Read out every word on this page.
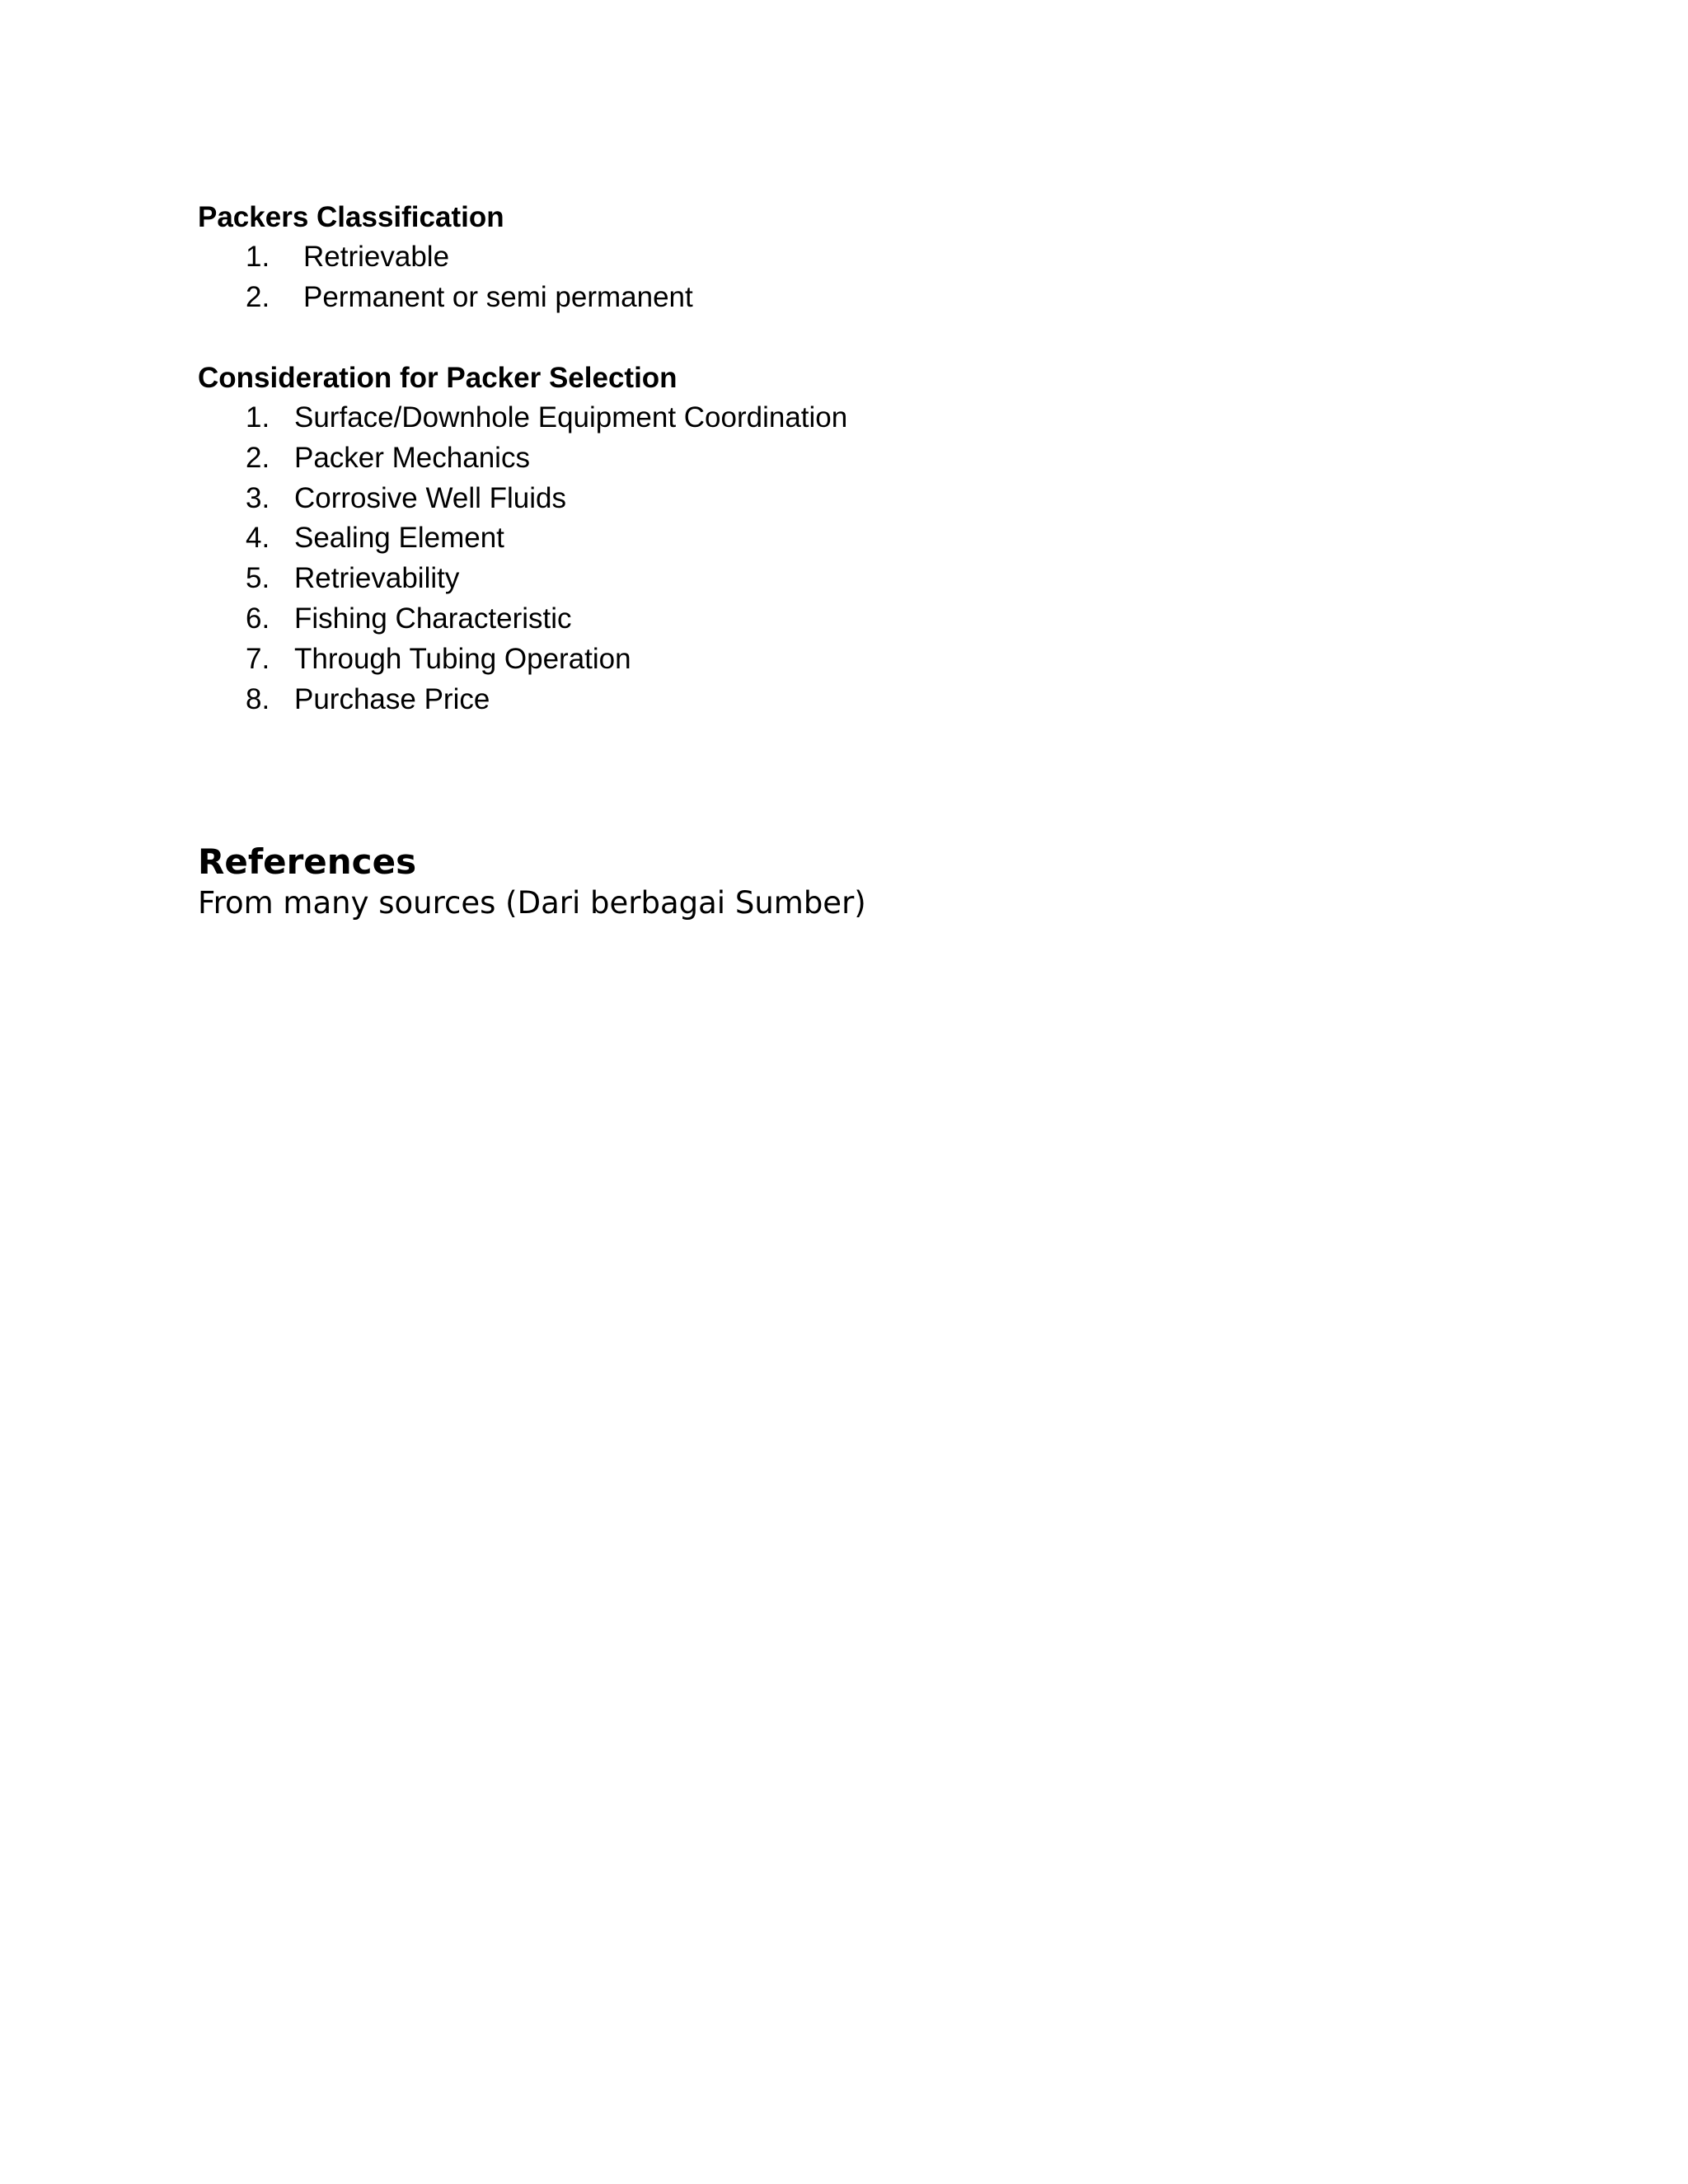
Packers Classification
1. Retrievable
2. Permanent or semi permanent
Consideration for Packer Selection
1. Surface/Downhole Equipment Coordination
2. Packer Mechanics
3. Corrosive Well Fluids
4. Sealing Element
5. Retrievability
6. Fishing Characteristic
7. Through Tubing Operation
8. Purchase Price
References

From many sources (Dari berbagai Sumber)
